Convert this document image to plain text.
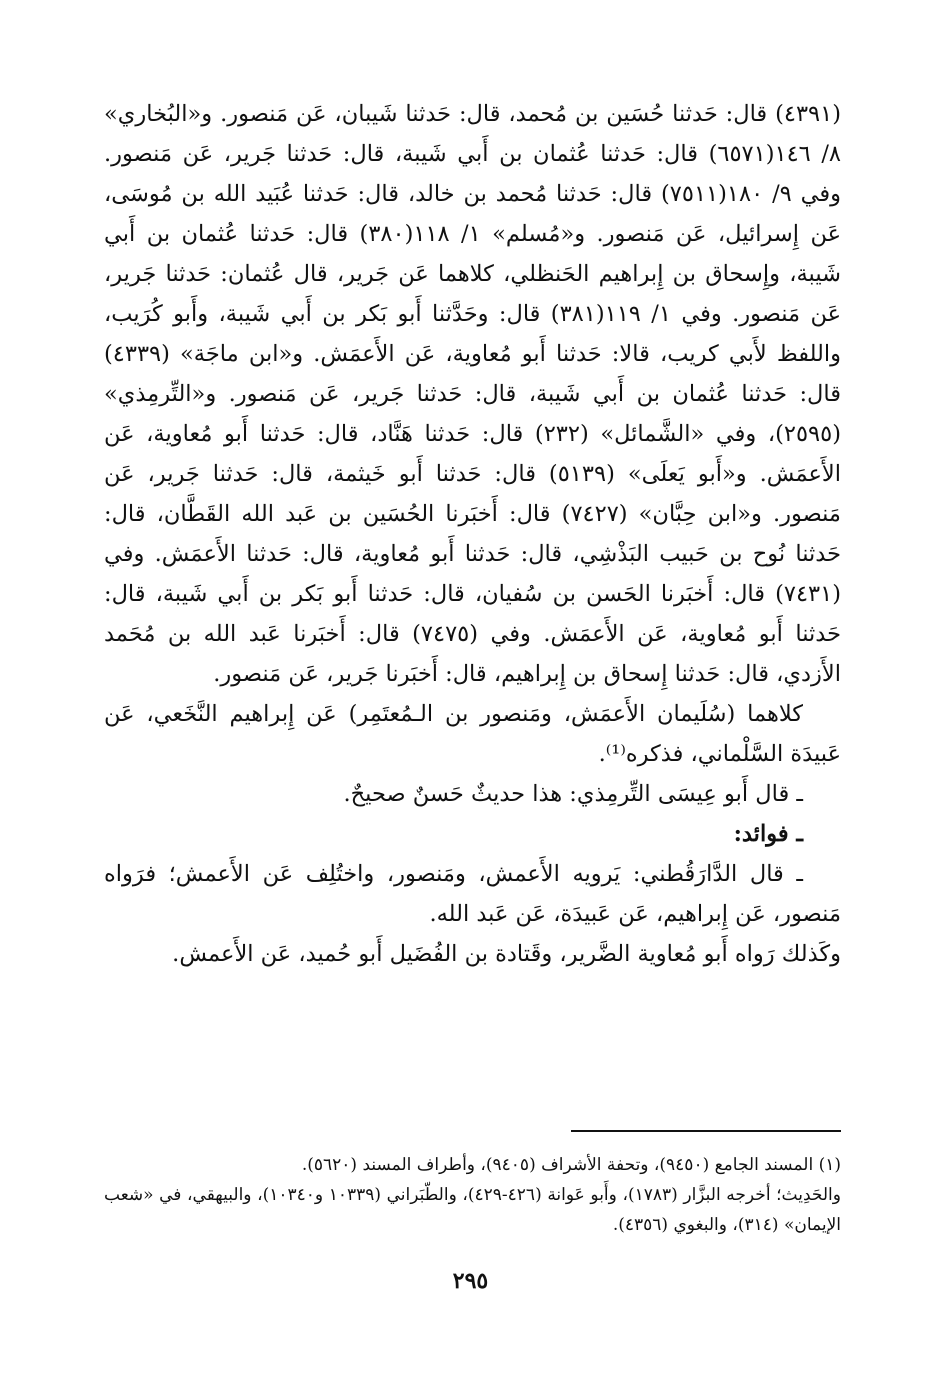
(٤٣٩١) قال: حَدثنا حُسَين بن مُحمد، قال: حَدثنا شَيبان، عَن مَنصور. و«البُخاري» ٨/ ١٤٦(٦٥٧١) قال: حَدثنا عُثمان بن أَبي شَيبة، قال: حَدثنا جَرير، عَن مَنصور. وفي ٩/ ١٨٠(٧٥١١) قال: حَدثنا مُحمد بن خالد، قال: حَدثنا عُبَيد الله بن مُوسَى، عَن إِسرائيل، عَن مَنصور. و«مُسلم» ١/ ١١٨(٣٨٠) قال: حَدثنا عُثمان بن أَبي شَيبة، وإِسحاق بن إِبراهيم الحَنظلي، كلاهما عَن جَرير، قال عُثمان: حَدثنا جَرير، عَن مَنصور. وفي ١/ ١١٩(٣٨١) قال: وحَدَّثنا أَبو بَكر بن أَبي شَيبة، وأَبو كُرَيب، واللفظ لأَبي كريب، قالا: حَدثنا أَبو مُعاوية، عَن الأَعمَش. و«ابن ماجَة» (٤٣٣٩) قال: حَدثنا عُثمان بن أَبي شَيبة، قال: حَدثنا جَرير، عَن مَنصور. و«التِّرمِذي» (٢٥٩٥)، وفي «الشَّمائل» (٢٣٢) قال: حَدثنا هَنَّاد، قال: حَدثنا أَبو مُعاوية، عَن الأَعمَش. و«أَبو يَعلَى» (٥١٣٩) قال: حَدثنا أَبو خَيثمة، قال: حَدثنا جَرير، عَن مَنصور. و«ابن حِبَّان» (٧٤٢٧) قال: أَخبَرنا الحُسَين بن عَبد الله القَطَّان، قال: حَدثنا نُوح بن حَبيب البَذْشِي، قال: حَدثنا أَبو مُعاوية، قال: حَدثنا الأَعمَش. وفي (٧٤٣١) قال: أَخبَرنا الحَسن بن سُفيان، قال: حَدثنا أَبو بَكر بن أَبي شَيبة، قال: حَدثنا أَبو مُعاوية، عَن الأَعمَش. وفي (٧٤٧٥) قال: أَخبَرنا عَبد الله بن مُحَمد الأَزدي، قال: حَدثنا إِسحاق بن إِبراهيم، قال: أَخبَرنا جَرير، عَن مَنصور.

كلاهما (سُلَيمان الأَعمَش، ومَنصور بن الـمُعتَمِر) عَن إِبراهيم النَّخَعي، عَن عَبيدَة السَّلْماني، فذكره⁽¹⁾.

ـ قال أَبو عِيسَى التِّرمِذي: هذا حديثٌ حَسنٌ صحيحٌ.

ـ فوائد:

ـ قال الدَّارَقُطني: يَرويه الأَعمش، ومَنصور، واختُلِف عَن الأَعمش؛ فرَواه مَنصور، عَن إِبراهيم، عَن عَبيدَة، عَن عَبد الله.

وكَذلك رَواه أَبو مُعاوية الضَّرير، وقَتادة بن الفُضَيل أَبو حُميد، عَن الأَعمش.

(١) المسند الجامع (٩٤٥٠)، وتحفة الأشراف (٩٤٠٥)، وأطراف المسند (٥٦٢٠).

والحَدِيث؛ أخرجه البزَّار (١٧٨٣)، وأَبو عَوانة (٤٢٦-٤٢٩)، والطّبَراني (١٠٣٣٩ و١٠٣٤٠)، والبيهقي، في «شعب الإيمان» (٣١٤)، والبغوي (٤٣٥٦).

٢٩٥
